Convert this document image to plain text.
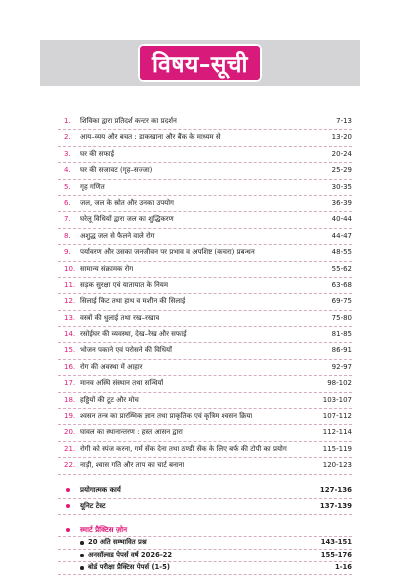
विषय–सूची
1. शिविका द्वारा प्रतिदर्श कन्टर का प्रदर्शन	7-13
2. आय–व्यय और बचत : डाकखाना और बैंक के माध्यम से	13-20
3. घर की सफाई	20-24
4. घर की सजावट (गृह–सज्जा)	25-29
5. गृह गणित	30-35
6. जल, जल के स्रोत और उनका उपयोग	36-39
7. घरेलू विधियों द्वारा जल का शुद्धिकरण	40-44
8. अशुद्ध जल से फैलने वाले रोग	44-47
9. पर्यावरण और उसका जनजीवन पर प्रभाव व अपशिष्ट (कचरा) प्रबन्धन	48-55
10. सामान्य संक्रामक रोग	55-62
11. सड़क सुरक्षा एवं यातायात के नियम	63-68
12. सिलाई किट तथा हाथ व मशीन की सिलाई	69-75
13. वस्त्रों की धुलाई तथा रख–रखाव	75-80
14. रसोईघर की व्यवस्था, देख–रेख और सफाई	81-85
15. भोजन पकाने एवं परोसने की विधियाँ	86-91
16. रोग की अवस्था में आहार	92-97
17. मानव अस्थि संस्थान तथा सन्धियाँ	98-102
18. हड्डियों की टूट और मोच	103-107
19. श्वसन तन्त्र का प्रारम्भिक ज्ञान तथा प्राकृतिक एवं कृत्रिम श्वसन क्रिया	107-112
20. घावल का स्थानान्तरण : हस्त आसन द्वारा	112-114
21. रोगी को स्पंज करना, गर्म सेंक देना तथा ठण्डी सेंक के लिए बर्फ की टोपी का प्रयोग	115-119
22. नाड़ी, श्वास गति और ताप का चार्ट बनाना	120-123
प्रयोगात्मक कार्य	127-136
यूनिट टेस्ट	137-139
स्मार्ट प्रैक्टिस ज़ोन
20 अति सम्भावित प्रश्न	143-151
अनसॉल्वड पेपर्स वर्ष 2026-22	155-176
बोर्ड परीक्षा प्रैक्टिस पेपर्स (1-5)	1-16
